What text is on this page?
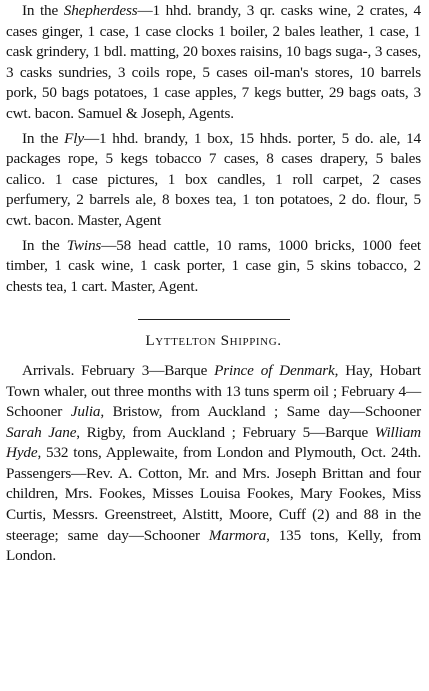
In the Shepherdess—1 hhd. brandy, 3 qr. casks wine, 2 crates, 4 cases ginger, 1 case, 1 case clocks 1 boiler, 2 bales leather, 1 case, 1 cask grindery, 1 bdl. matting, 20 boxes raisins, 10 bags suga-, 3 cases, 3 casks sundries, 3 coils rope, 5 cases oil-man's stores, 10 barrels pork, 50 bags potatoes, 1 case apples, 7 kegs butter, 29 bags oats, 3 cwt. bacon. Samuel & Joseph, Agents.

In the Fly—1 hhd. brandy, 1 box, 15 hhds. porter, 5 do. ale, 14 packages rope, 5 kegs tobacco 7 cases, 8 cases drapery, 5 bales calico. 1 case pictures, 1 box candles, 1 roll carpet, 2 cases perfumery, 2 barrels ale, 8 boxes tea, 1 ton potatoes, 2 do. flour, 5 cwt. bacon. Master, Agent

In the Twins—58 head cattle, 10 rams, 1000 bricks, 1000 feet timber, 1 cask wine, 1 cask porter, 1 case gin, 5 skins tobacco, 2 chests tea, 1 cart. Master, Agent.

Lyttelton Shipping.

Arrivals. February 3—Barque Prince of Denmark, Hay, Hobart Town whaler, out three months with 13 tuns sperm oil ; February 4—Schooner Julia, Bristow, from Auckland ; Same day—Schooner Sarah Jane, Rigby, from Auckland ; February 5—Barque William Hyde, 532 tons, Applewaite, from London and Plymouth, Oct. 24th. Passengers—Rev. A. Cotton, Mr. and Mrs. Joseph Brittan and four children, Mrs. Fookes, Misses Louisa Fookes, Mary Fookes, Miss Curtis, Messrs. Greenstreet, Alstitt, Moore, Cuff (2) and 88 in the steerage; same day—Schooner Marmora, 135 tons, Kelly, from London.
